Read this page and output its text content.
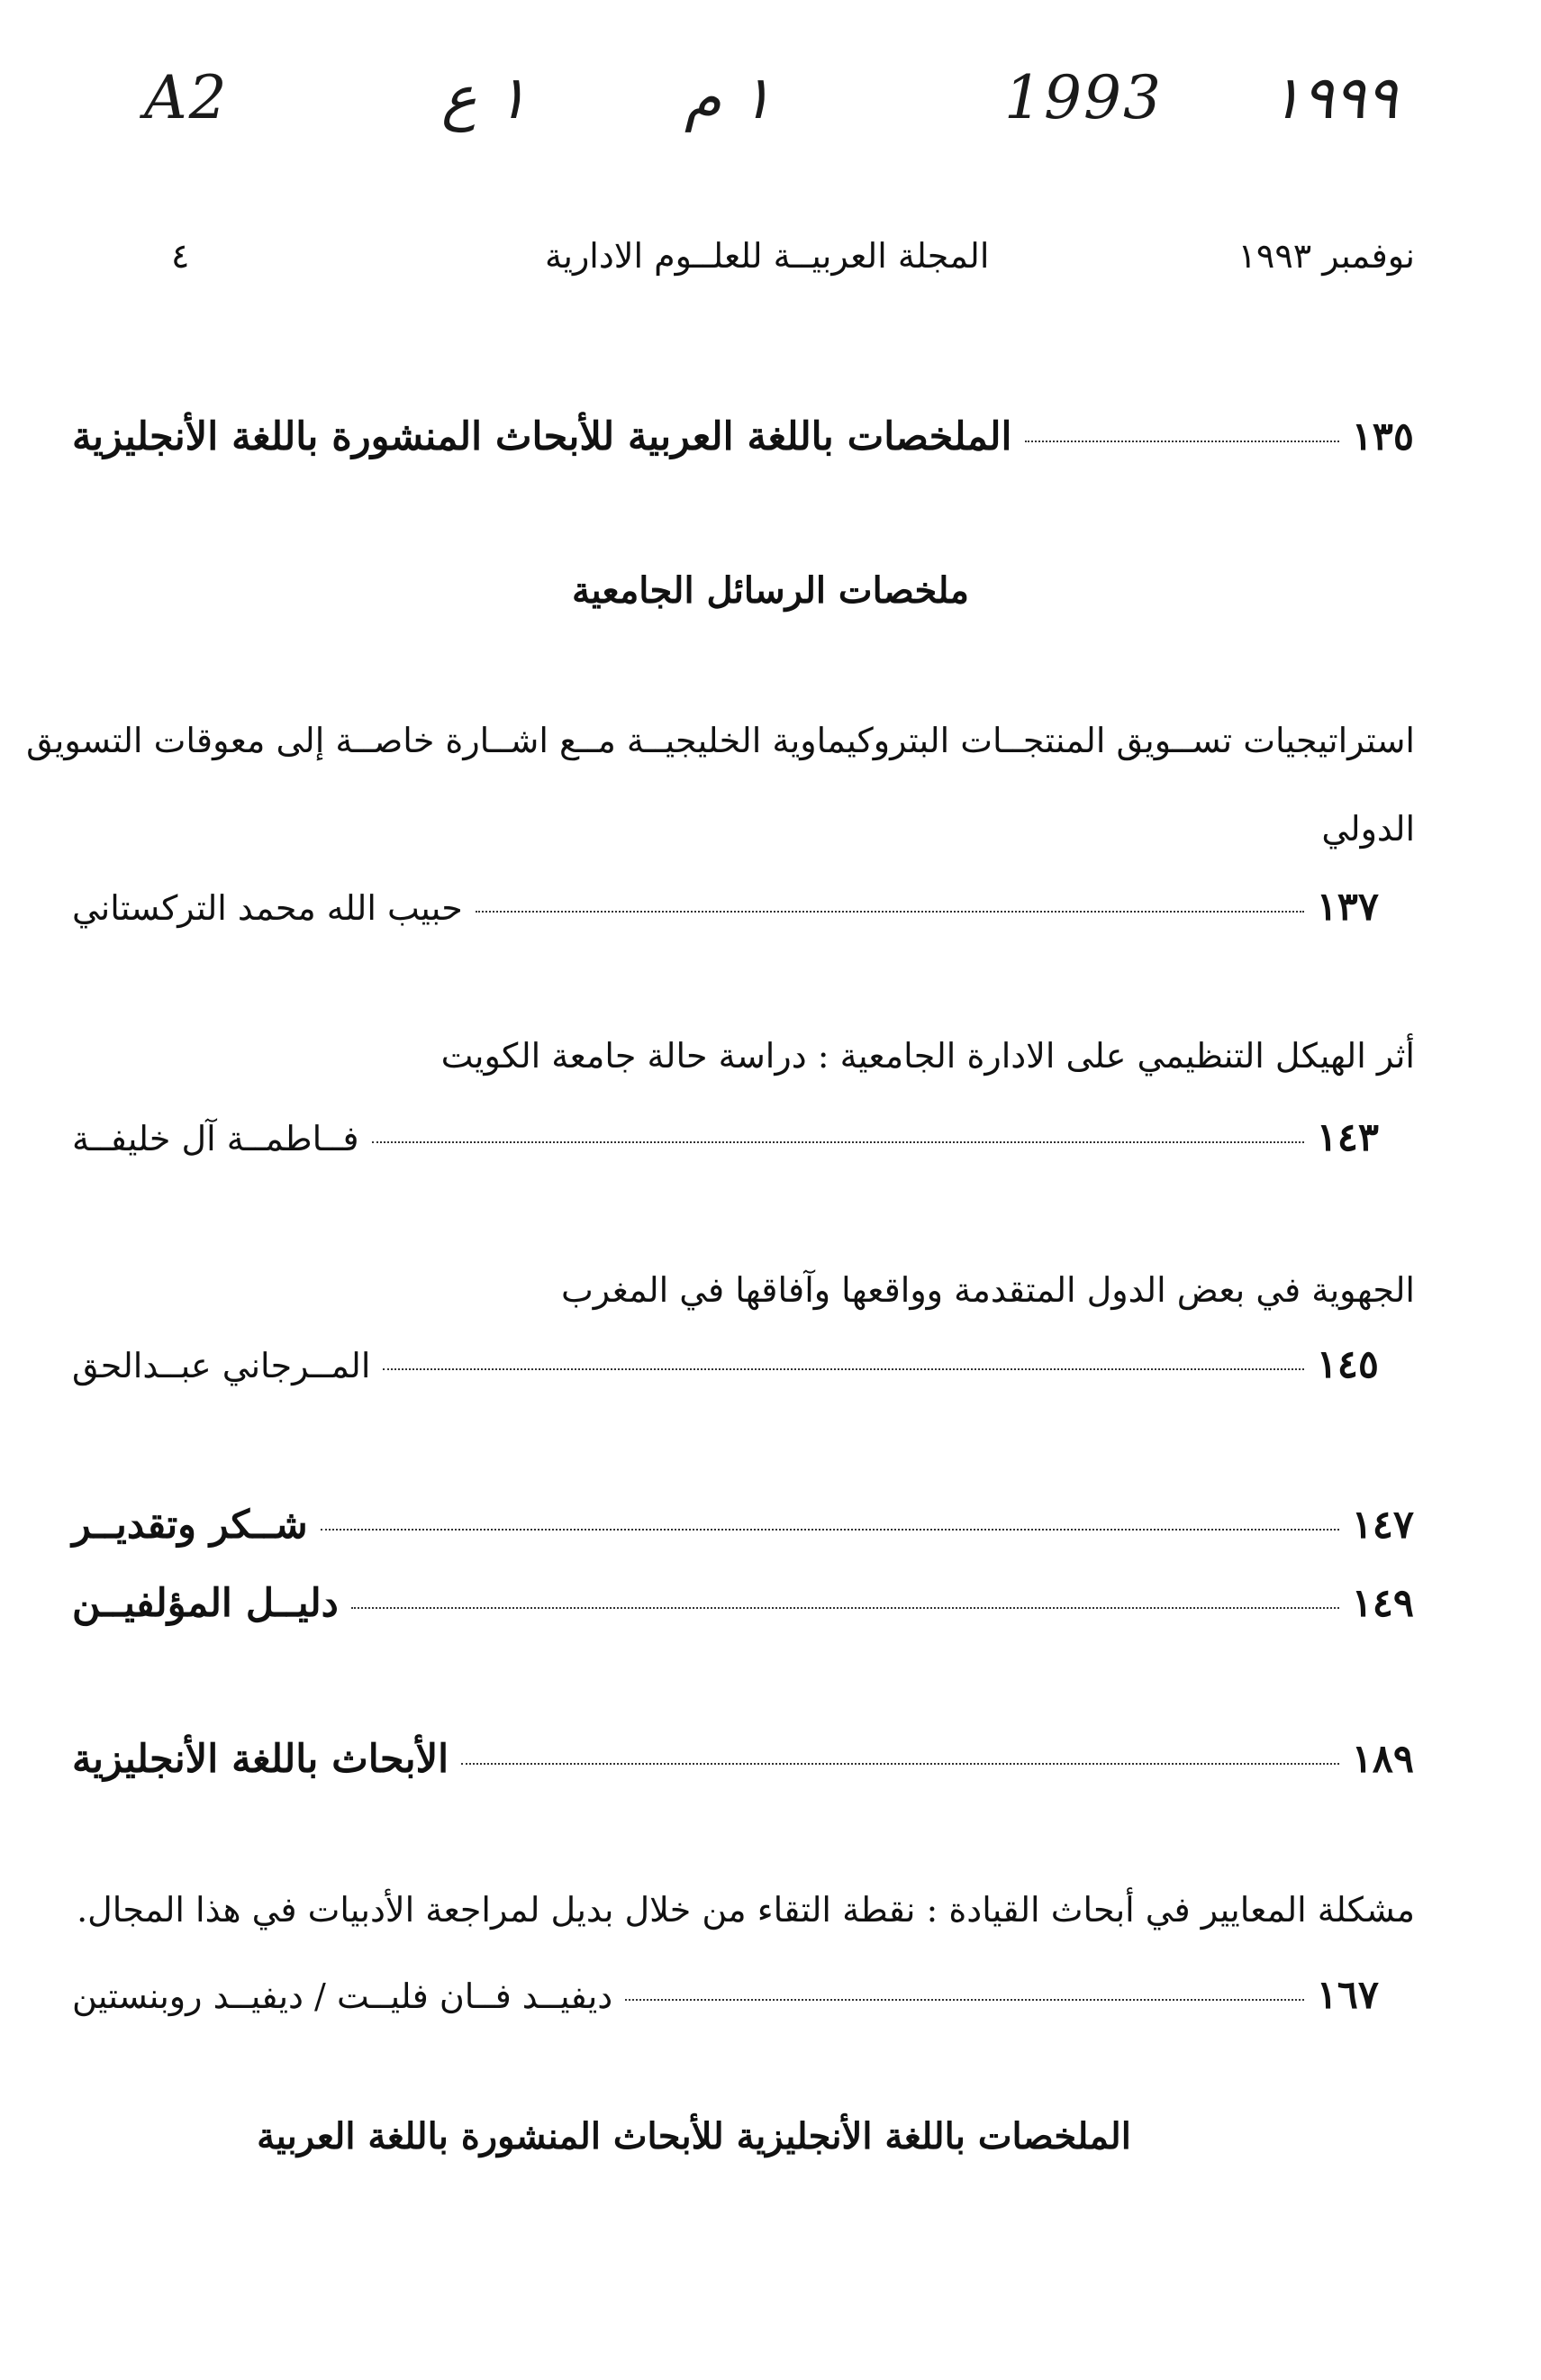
A2	١ ع	١ م	1993 ١٩٩٩
٤	المجلة العربيــة للعلــوم الادارية	نوفمبر ١٩٩٣
الملخصات باللغة العربية للأبحاث المنشورة باللغة الأنجليزية	١٣٥
ملخصات الرسائل الجامعية
استراتيجيات تســويق المنتجــات البتروكيماوية الخليجيــة مــع اشــارة خاصــة إلى معوقات التسويق
الدولي
حبيب الله محمد التركستاني	١٣٧
أثر الهيكل التنظيمي على الادارة الجامعية : دراسة حالة جامعة الكويت
فــاطمــة آل خليفــة	١٤٣
الجهوية في بعض الدول المتقدمة وواقعها وآفاقها في المغرب
المــرجاني عبــدالحق	١٤٥
شــكر وتقديــر	١٤٧
دليــل المؤلفيــن	١٤٩
الأبحاث باللغة الأنجليزية	١٨٩
مشكلة المعايير في أبحاث القيادة : نقطة التقاء من خلال بديل لمراجعة الأدبيات في هذا المجال.
ديفيــد فــان فليــت / ديفيــد روبنستين	١٦٧
الملخصات باللغة الأنجليزية للأبحاث المنشورة باللغة العربية
